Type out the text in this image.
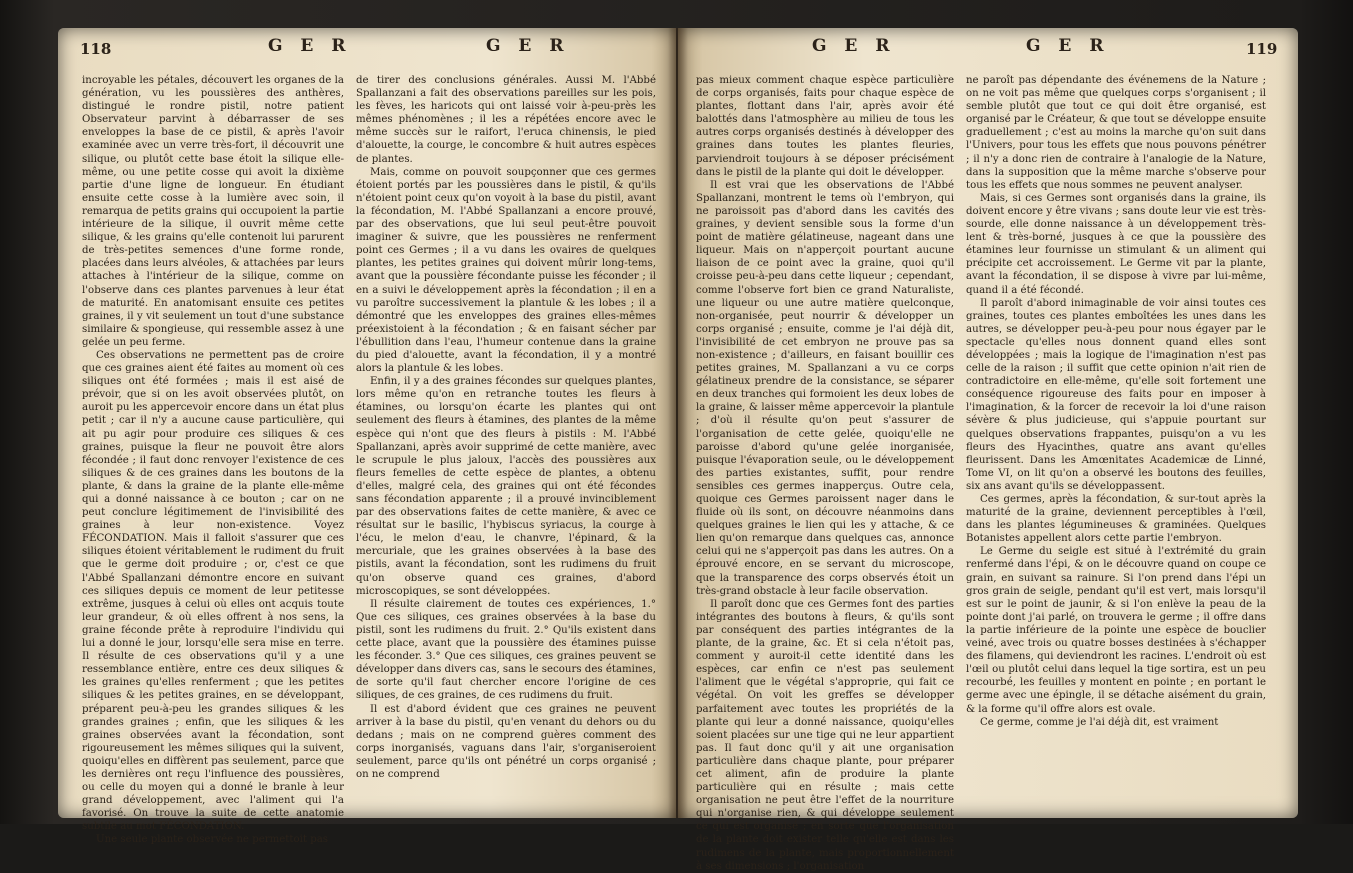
118	G E R	G E R	G E R	G E R	119

incroyable les pétales, découvert les organes de la génération, vu les poussières des anthères, distingué le rondre pistil, notre patient Observateur parvint à débarrasser de ses enveloppes la base de ce pistil, & après l'avoir examinée avec un verre très-fort, il découvrit une silique, ou plutôt cette base étoit la silique elle-même, ou une petite cosse qui avoit la dixième partie d'une ligne de longueur. En étudiant ensuite cette cosse à la lumière avec soin, il remarqua de petits grains qui occupoient la partie intérieure de la silique, il ouvrit même cette silique, & les grains qu'elle contenoit lui parurent de très-petites semences d'une forme ronde, placées dans leurs alvéoles, & attachées par leurs attaches à l'intérieur de la silique, comme on l'observe dans ces plantes parvenues à leur état de maturité. En anatomisant ensuite ces petites graines, il y vit seulement un tout d'une substance similaire & spongieuse, qui ressemble assez à une gelée un peu ferme.

Ces observations ne permettent pas de croire que ces graines aient été faites au moment où ces siliques ont été formées ; mais il est aisé de prévoir, que si on les avoit observées plutôt, on auroit pu les appercevoir encore dans un état plus petit ; car il n'y a aucune cause particulière, qui ait pu agir pour produire ces siliques & ces graines, puisque la fleur ne pouvoit être alors fécondée ; il faut donc renvoyer l'existence de ces siliques & de ces graines dans les boutons de la plante, & dans la graine de la plante elle-même qui a donné naissance à ce bouton ; car on ne peut conclure légitimement de l'invisibilité des graines à leur non-existence. Voyez FÉCONDATION. Mais il falloit s'assurer que ces siliques étoient véritablement le rudiment du fruit que le germe doit produire ; or, c'est ce que l'Abbé Spallanzani démontre encore en suivant ces siliques depuis ce moment de leur petitesse extrême, jusques à celui où elles ont acquis toute leur grandeur, & où elles offrent à nos sens, la graine féconde prête à reproduire l'individu qui lui a donné le jour, lorsqu'elle sera mise en terre. Il résulte de ces observations qu'il y a une ressemblance entière, entre ces deux siliques & les graines qu'elles renferment ; que les petites siliques & les petites graines, en se développant, préparent peu-à-peu les grandes siliques & les grandes graines ; enfin, que les siliques & les graines observées avant la fécondation, sont rigoureusement les mêmes siliques qui la suivent, quoiqu'elles en diffèrent pas seulement, parce que les dernières ont reçu l'influence des poussières, ou celle du moyen qui a donné le branle à leur grand développement, avec l'aliment qui l'a favorisé. On trouve la suite de cette anatomie subtile au mot FÉCONDATION.

Une seule plante observée ne permettoit pas

de tirer des conclusions générales. Aussi M. l'Abbé Spallanzani a fait des observations pareilles sur les pois, les fèves, les haricots qui ont laissé voir à-peu-près les mêmes phénomènes ; il les a répétées encore avec le même succès sur le raifort, l'eruca chinensis, le pied d'alouette, la courge, le concombre & huit autres espèces de plantes.

Mais, comme on pouvoit soupçonner que ces germes étoient portés par les poussières dans le pistil, & qu'ils n'étoient point ceux qu'on voyoit à la base du pistil, avant la fécondation, M. l'Abbé Spallanzani a encore prouvé, par des observations, que lui seul peut-être pouvoit imaginer & suivre, que les poussières ne renferment point ces Germes ; il a vu dans les ovaires de quelques plantes, les petites graines qui doivent mûrir long-tems, avant que la poussière fécondante puisse les féconder ; il en a suivi le développement après la fécondation ; il en a vu paroître successivement la plantule & les lobes ; il a démontré que les enveloppes des graines elles-mêmes préexistoient à la fécondation ; & en faisant sécher par l'ébullition dans l'eau, l'humeur contenue dans la graine du pied d'alouette, avant la fécondation, il y a montré alors la plantule & les lobes.

Enfin, il y a des graines fécondes sur quelques plantes, lors même qu'on en retranche toutes les fleurs à étamines, ou lorsqu'on écarte les plantes qui ont seulement des fleurs à étamines, des plantes de la même espèce qui n'ont que des fleurs à pistils : M. l'Abbé Spallanzani, après avoir supprimé de cette manière, avec le scrupule le plus jaloux, l'accès des poussières aux fleurs femelles de cette espèce de plantes, a obtenu d'elles, malgré cela, des graines qui ont été fécondes sans fécondation apparente ; il a prouvé invinciblement par des observations faites de cette manière, & avec ce résultat sur le basilic, l'hybiscus syriacus, la courge à l'écu, le melon d'eau, le chanvre, l'épinard, & la mercuriale, que les graines observées à la base des pistils, avant la fécondation, sont les rudimens du fruit qu'on observe quand ces graines, d'abord microscopiques, se sont développées.

Il résulte clairement de toutes ces expériences, 1.° Que ces siliques, ces graines observées à la base du pistil, sont les rudimens du fruit. 2.° Qu'ils existent dans cette place, avant que la poussière des étamines puisse les féconder. 3.° Que ces siliques, ces graines peuvent se développer dans divers cas, sans le secours des étamines, de sorte qu'il faut chercher encore l'origine de ces siliques, de ces graines, de ces rudimens du fruit.

Il est d'abord évident que ces graines ne peuvent arriver à la base du pistil, qu'en venant du dehors ou du dedans ; mais on ne comprend guères comment des corps inorganisés, vaguans dans l'air, s'organiseroient seulement, parce qu'ils ont pénétré un corps organisé ; on ne comprend

pas mieux comment chaque espèce particulière de corps organisés, faits pour chaque espèce de plantes, flottant dans l'air, après avoir été balottés dans l'atmosphère au milieu de tous les autres corps organisés destinés à développer des graines dans toutes les plantes fleuries, parviendroit toujours à se déposer précisément dans le pistil de la plante qui doit le développer.

Il est vrai que les observations de l'Abbé Spallanzani, montrent le tems où l'embryon, qui ne paroissoit pas d'abord dans les cavités des graines, y devient sensible sous la forme d'un point de matière gélatineuse, nageant dans une liqueur. Mais on n'apperçoit pourtant aucune liaison de ce point avec la graine, quoi qu'il croisse peu-à-peu dans cette liqueur ; cependant, comme l'observe fort bien ce grand Naturaliste, une liqueur ou une autre matière quelconque, non-organisée, peut nourrir & développer un corps organisé ; ensuite, comme je l'ai déjà dit, l'invisibilité de cet embryon ne prouve pas sa non-existence ; d'ailleurs, en faisant bouillir ces petites graines, M. Spallanzani a vu ce corps gélatineux prendre de la consistance, se séparer en deux tranches qui formoient les deux lobes de la graine, & laisser même appercevoir la plantule ; d'où il résulte qu'on peut s'assurer de l'organisation de cette gelée, quoiqu'elle ne paroisse d'abord qu'une gelée inorganisée, puisque l'évaporation seule, ou le développement des parties existantes, suffit, pour rendre sensibles ces germes inapperçus. Outre cela, quoique ces Germes paroissent nager dans le fluide où ils sont, on découvre néanmoins dans quelques graines le lien qui les y attache, & ce lien qu'on remarque dans quelques cas, annonce celui qui ne s'apperçoit pas dans les autres. On a éprouvé encore, en se servant du microscope, que la transparence des corps observés étoit un très-grand obstacle à leur facile observation.

Il paroît donc que ces Germes font des parties intégrantes des boutons à fleurs, & qu'ils sont par conséquent des parties intégrantes de la plante, de la graine, &c. Et si cela n'étoit pas, comment y auroit-il cette identité dans les espèces, car enfin ce n'est pas seulement l'aliment que le végétal s'approprie, qui fait ce végétal. On voit les greffes se développer parfaitement avec toutes les propriétés de la plante qui leur a donné naissance, quoiqu'elles soient placées sur une tige qui ne leur appartient pas. Il faut donc qu'il y ait une organisation particulière dans chaque plante, pour préparer cet aliment, afin de produire la plante particulière qui en résulte ; mais cette organisation ne peut être l'effet de la nourriture qui n'organise rien, & qui développe seulement ce qui est organisé ; en sorte que l'organisation de la plante doit exister telle qu'elle est dans les rudimens de la plante, mais proportionnellement à ses dimensions ; l'organisation

ne paroît pas dépendante des événemens de la Nature ; on ne voit pas même que quelques corps s'organisent ; il semble plutôt que tout ce qui doit être organisé, est organisé par le Créateur, & que tout se développe ensuite graduellement ; c'est au moins la marche qu'on suit dans l'Univers, pour tous les effets que nous pouvons pénétrer ; il n'y a donc rien de contraire à l'analogie de la Nature, dans la supposition que la même marche s'observe pour tous les effets que nous sommes ne peuvent analyser.

Mais, si ces Germes sont organisés dans la graine, ils doivent encore y être vivans ; sans doute leur vie est très-sourde, elle donne naissance à un développement très-lent & très-borné, jusques à ce que la poussière des étamines leur fournisse un stimulant & un aliment qui précipite cet accroissement. Le Germe vit par la plante, avant la fécondation, il se dispose à vivre par lui-même, quand il a été fécondé.

Il paroît d'abord inimaginable de voir ainsi toutes ces graines, toutes ces plantes emboîtées les unes dans les autres, se développer peu-à-peu pour nous égayer par le spectacle qu'elles nous donnent quand elles sont développées ; mais la logique de l'imagination n'est pas celle de la raison ; il suffit que cette opinion n'ait rien de contradictoire en elle-même, qu'elle soit fortement une conséquence rigoureuse des faits pour en imposer à l'imagination, & la forcer de recevoir la loi d'une raison sévère & plus judicieuse, qui s'appuie pourtant sur quelques observations frappantes, puisqu'on a vu les fleurs des Hyacinthes, quatre ans avant qu'elles fleurissent. Dans les Amœnitates Academicæ de Linné, Tome VI, on lit qu'on a observé les boutons des feuilles, six ans avant qu'ils se développassent.

Ces germes, après la fécondation, & sur-tout après la maturité de la graine, deviennent perceptibles à l'œil, dans les plantes légumineuses & graminées. Quelques Botanistes appellent alors cette partie l'embryon.

Le Germe du seigle est situé à l'extrémité du grain renfermé dans l'épi, & on le découvre quand on coupe ce grain, en suivant sa rainure. Si l'on prend dans l'épi un gros grain de seigle, pendant qu'il est vert, mais lorsqu'il est sur le point de jaunir, & si l'on enlève la peau de la pointe dont j'ai parlé, on trouvera le germe ; il offre dans la partie inférieure de la pointe une espèce de bouclier veiné, avec trois ou quatre bosses destinées à s'échapper des filamens, qui deviendront les racines. L'endroit où est l'œil ou plutôt celui dans lequel la tige sortira, est un peu recourbé, les feuilles y montent en pointe ; en portant le germe avec une épingle, il se détache aisément du grain, & la forme qu'il offre alors est ovale.

Ce germe, comme je l'ai déjà dit, est vraiment
